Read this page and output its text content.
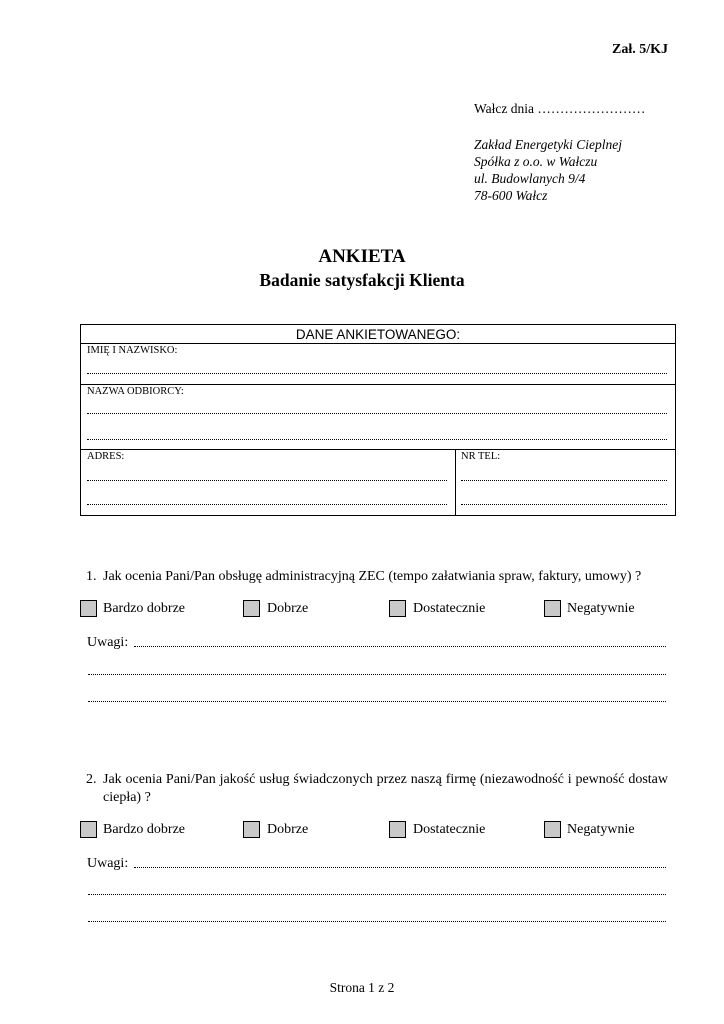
Zał. 5/KJ
Wałcz dnia ……………………
Zakład Energetyki Cieplnej
Spółka z o.o. w Wałczu
ul. Budowlanych 9/4
78-600 Wałcz
ANKIETA
Badanie satysfakcji Klienta
DANE ANKIETOWANEGO:
IMIĘ I NAZWISKO:
NAZWA ODBIORCY:
ADRES:	NR TEL:
1. Jak ocenia Pani/Pan obsługę administracyjną ZEC (tempo załatwiania spraw, faktury, umowy) ?
Bardzo dobrze	Dobrze	Dostatecznie	Negatywnie
Uwagi:
2. Jak ocenia Pani/Pan jakość usług świadczonych przez naszą firmę (niezawodność i pewność dostaw ciepła) ?
Bardzo dobrze	Dobrze	Dostatecznie	Negatywnie
Uwagi:
Strona 1 z 2
